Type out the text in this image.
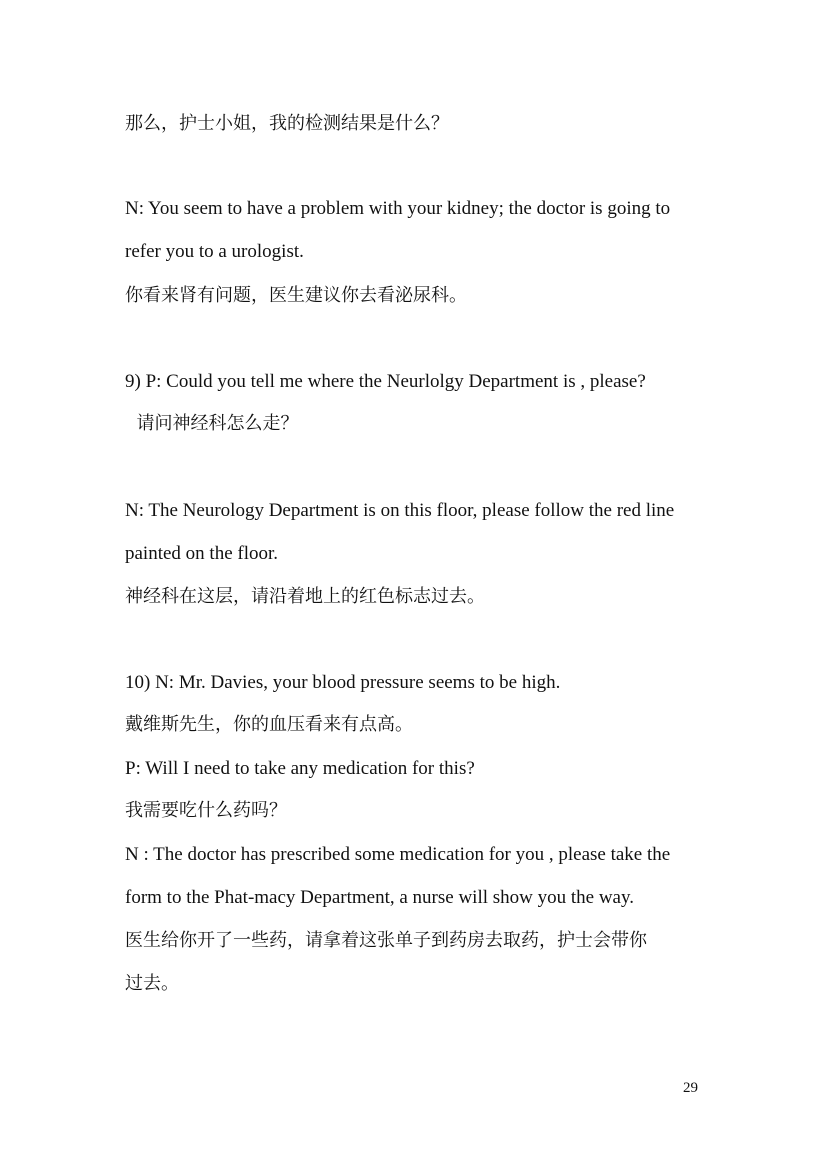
那么，护士小姐，我的检测结果是什么？
N: You seem to have a problem with your kidney; the doctor is going to
refer you to a urologist.
你看来肾有问题，医生建议你去看泌尿科。
9) P: Could you tell me where the Neurlolgy Department is , please?
请问神经科怎么走？
N: The Neurology Department is on this floor, please follow the red line
painted on the floor.
神经科在这层，请沿着地上的红色标志过去。
10) N: Mr. Davies, your blood pressure seems to be high.
戴维斯先生，你的血压看来有点高。
P: Will I need to take any medication for this?
我需要吃什么药吗？
N : The doctor has prescribed some medication for you , please take the
form to the Phat-macy Department, a nurse will show you the way.
医生给你开了一些药，请拿着这张单子到药房去取药，护士会带你
过去。
29
